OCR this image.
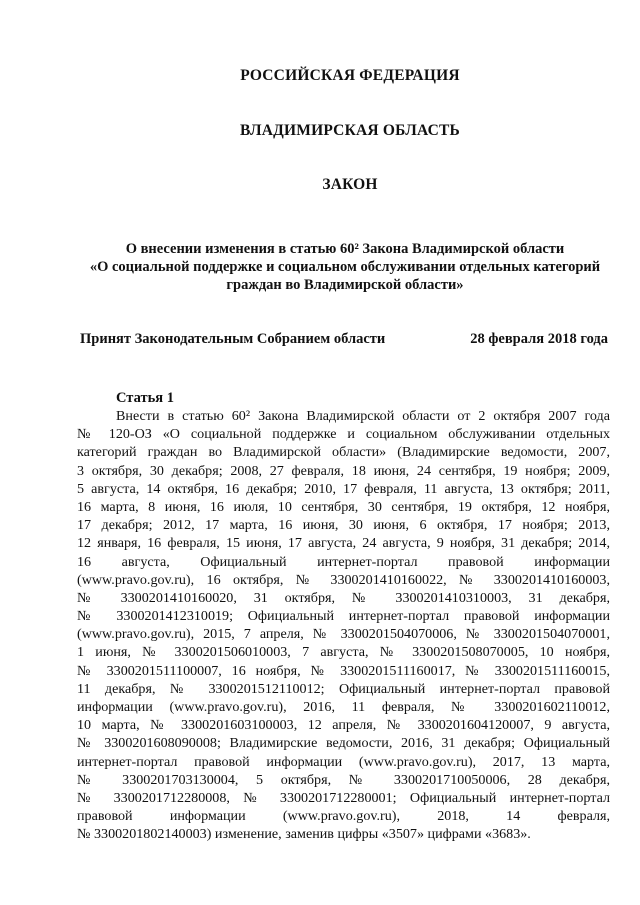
РОССИЙСКАЯ ФЕДЕРАЦИЯ
ВЛАДИМИРСКАЯ ОБЛАСТЬ
ЗАКОН
О внесении изменения в статью 60² Закона Владимирской области
«О социальной поддержке и социальном обслуживании отдельных категорий
граждан во Владимирской области»
Принят Законодательным Собранием области	28 февраля 2018 года
Статья 1
Внести в статью 60² Закона Владимирской области от 2 октября 2007 года
№ 120-ОЗ «О социальной поддержке и социальном обслуживании отдельных
категорий граждан во Владимирской области» (Владимирские ведомости, 2007,
3 октября, 30 декабря; 2008, 27 февраля, 18 июня, 24 сентября, 19 ноября; 2009,
5 августа, 14 октября, 16 декабря; 2010, 17 февраля, 11 августа, 13 октября; 2011,
16 марта, 8 июня, 16 июля, 10 сентября, 30 сентября, 19 октября, 12 ноября,
17 декабря; 2012, 17 марта, 16 июня, 30 июня, 6 октября, 17 ноября; 2013,
12 января, 16 февраля, 15 июня, 17 августа, 24 августа, 9 ноября, 31 декабря; 2014,
16 августа, Официальный интернет-портал правовой информации
(www.pravo.gov.ru), 16 октября, № 3300201410160022, № 3300201410160003,
№ 3300201410160020, 31 октября, № 3300201410310003, 31 декабря,
№ 3300201412310019; Официальный интернет-портал правовой информации
(www.pravo.gov.ru), 2015, 7 апреля, № 3300201504070006, № 3300201504070001,
1 июня, № 3300201506010003, 7 августа, № 3300201508070005, 10 ноября,
№ 3300201511100007, 16 ноября, № 3300201511160017, № 3300201511160015,
11 декабря, № 3300201512110012; Официальный интернет-портал правовой
информации (www.pravo.gov.ru), 2016, 11 февраля, № 3300201602110012,
10 марта, № 3300201603100003, 12 апреля, № 3300201604120007, 9 августа,
№ 3300201608090008; Владимирские ведомости, 2016, 31 декабря; Официальный
интернет-портал правовой информации (www.pravo.gov.ru), 2017, 13 марта,
№ 3300201703130004, 5 октября, № 3300201710050006, 28 декабря,
№ 3300201712280008, № 3300201712280001; Официальный интернет-портал
правовой информации (www.pravo.gov.ru), 2018, 14 февраля,
№ 3300201802140003) изменение, заменив цифры «3507» цифрами «3683».
